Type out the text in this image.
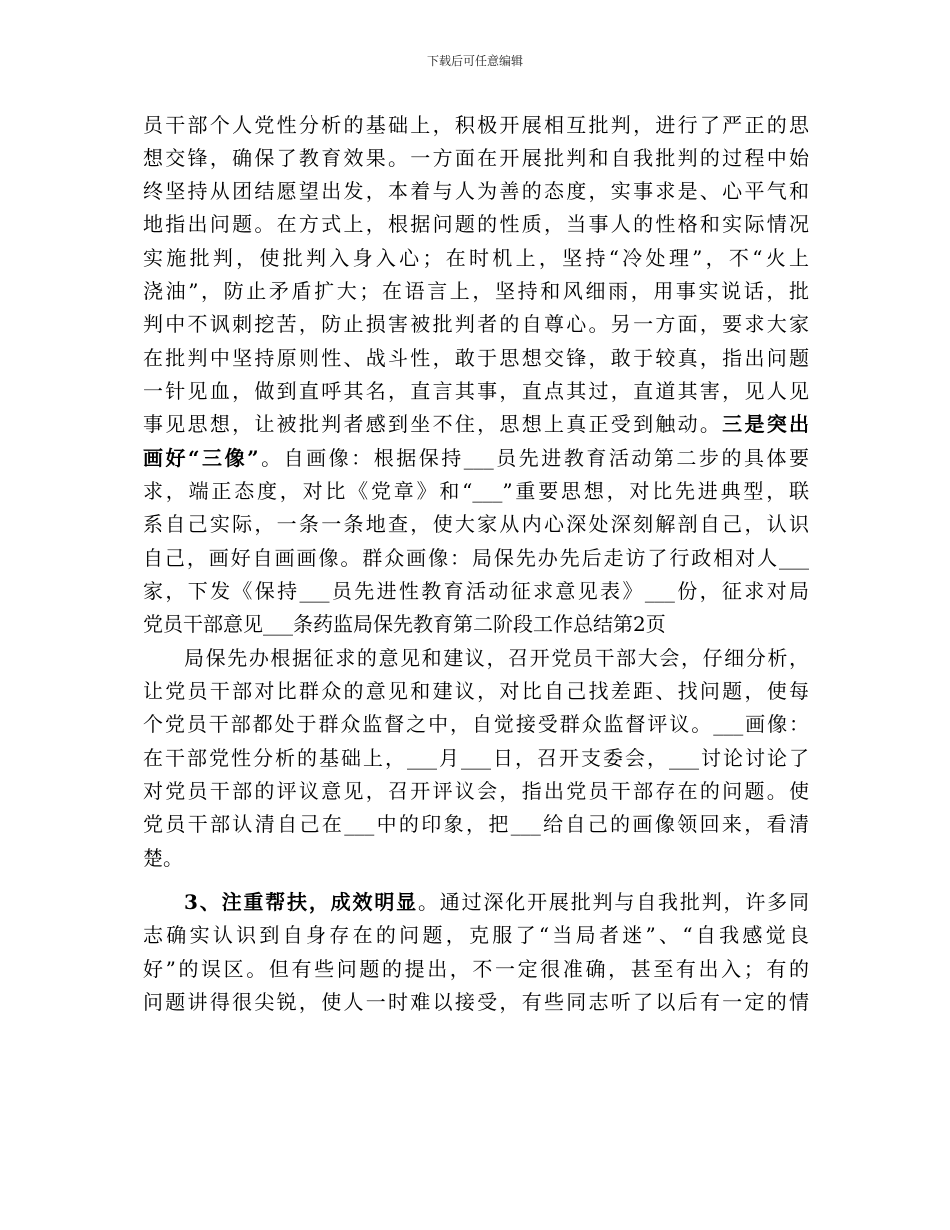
下载后可任意编辑
员干部个人党性分析的基础上，积极开展相互批判，进行了严正的思
想交锋，确保了教育效果。一方面在开展批判和自我批判的过程中始
终坚持从团结愿望出发，本着与人为善的态度，实事求是、心平气和
地指出问题。在方式上，根据问题的性质，当事人的性格和实际情况
实施批判，使批判入身入心；在时机上，坚持“冷处理”，不“火上
浇油”，防止矛盾扩大；在语言上，坚持和风细雨，用事实说话，批
判中不讽刺挖苦，防止损害被批判者的自尊心。另一方面，要求大家
在批判中坚持原则性、战斗性，敢于思想交锋，敢于较真，指出问题
一针见血，做到直呼其名，直言其事，直点其过，直道其害，见人见
事见思想，让被批判者感到坐不住，思想上真正受到触动。三是突出
画好“三像”。自画像：根据保持___员先进教育活动第二步的具体要
求，端正态度，对比《党章》和“___”重要思想，对比先进典型，联
系自己实际，一条一条地查，使大家从内心深处深刻解剖自己，认识
自己，画好自画画像。群众画像：局保先办先后走访了行政相对人___
家，下发《保持___员先进性教育活动征求意见表》___份，征求对局
党员干部意见___条药监局保先教育第二阶段工作总结第2页
局保先办根据征求的意见和建议，召开党员干部大会，仔细分析，
让党员干部对比群众的意见和建议，对比自己找差距、找问题，使每
个党员干部都处于群众监督之中，自觉接受群众监督评议。___画像：
在干部党性分析的基础上，___月___日，召开支委会，___讨论讨论了
对党员干部的评议意见，召开评议会，指出党员干部存在的问题。使
党员干部认清自己在___中的印象，把___给自己的画像领回来，看清
楚。
3、注重帮扶，成效明显。通过深化开展批判与自我批判，许多同
志确实认识到自身存在的问题，克服了“当局者迷”、“自我感觉良
好”的误区。但有些问题的提出，不一定很准确，甚至有出入；有的
问题讲得很尖锐，使人一时难以接受，有些同志听了以后有一定的情
